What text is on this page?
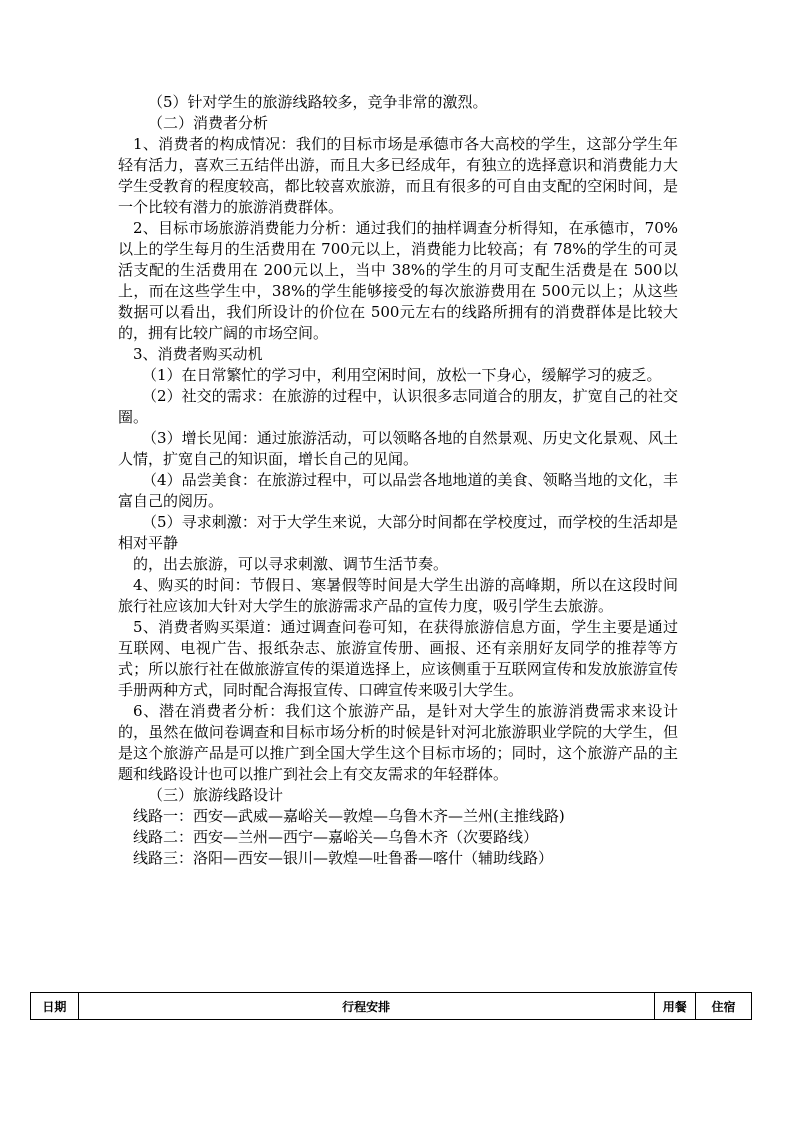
（5）针对学生的旅游线路较多，竞争非常的激烈。

（二）消费者分析

1、消费者的构成情况：我们的目标市场是承德市各大高校的学生，这部分学生年轻有活力，喜欢三五结伴出游，而且大多已经成年，有独立的选择意识和消费能力大学生受教育的程度较高，都比较喜欢旅游，而且有很多的可自由支配的空闲时间，是一个比较有潜力的旅游消费群体。

2、目标市场旅游消费能力分析：通过我们的抽样调查分析得知，在承德市，70%以上的学生每月的生活费用在 700元以上，消费能力比较高；有 78%的学生的可灵活支配的生活费用在 200元以上，当中 38%的学生的月可支配生活费是在 500以上，而在这些学生中，38%的学生能够接受的每次旅游费用在 500元以上；从这些数据可以看出，我们所设计的价位在 500元左右的线路所拥有的消费群体是比较大的，拥有比较广阔的市场空间。

3、消费者购买动机

（1）在日常繁忙的学习中，利用空闲时间，放松一下身心，缓解学习的疲乏。

（2）社交的需求：在旅游的过程中，认识很多志同道合的朋友，扩宽自己的社交圈。

（3）增长见闻：通过旅游活动，可以领略各地的自然景观、历史文化景观、风土人情，扩宽自己的知识面，增长自己的见闻。

（4）品尝美食：在旅游过程中，可以品尝各地地道的美食、领略当地的文化，丰富自己的阅历。

（5）寻求刺激：对于大学生来说，大部分时间都在学校度过，而学校的生活却是相对平静

的，出去旅游，可以寻求刺激、调节生活节奏。

4、购买的时间：节假日、寒暑假等时间是大学生出游的高峰期，所以在这段时间旅行社应该加大针对大学生的旅游需求产品的宣传力度，吸引学生去旅游。

5、消费者购买渠道：通过调查问卷可知，在获得旅游信息方面，学生主要是通过互联网、电视广告、报纸杂志、旅游宣传册、画报、还有亲朋好友同学的推荐等方式；所以旅行社在做旅游宣传的渠道选择上，应该侧重于互联网宣传和发放旅游宣传手册两种方式，同时配合海报宣传、口碑宣传来吸引大学生。

6、潜在消费者分析：我们这个旅游产品，是针对大学生的旅游消费需求来设计的，虽然在做问卷调查和目标市场分析的时候是针对河北旅游职业学院的大学生，但是这个旅游产品是可以推广到全国大学生这个目标市场的；同时，这个旅游产品的主题和线路设计也可以推广到社会上有交友需求的年轻群体。

（三）旅游线路设计

线路一：西安—武威—嘉峪关—敦煌—乌鲁木齐—兰州(主推线路)

线路二：西安—兰州—西宁—嘉峪关—乌鲁木齐（次要路线）

线路三：洛阳—西安—银川—敦煌—吐鲁番—喀什（辅助线路）

日期	行程安排	用餐	住宿
